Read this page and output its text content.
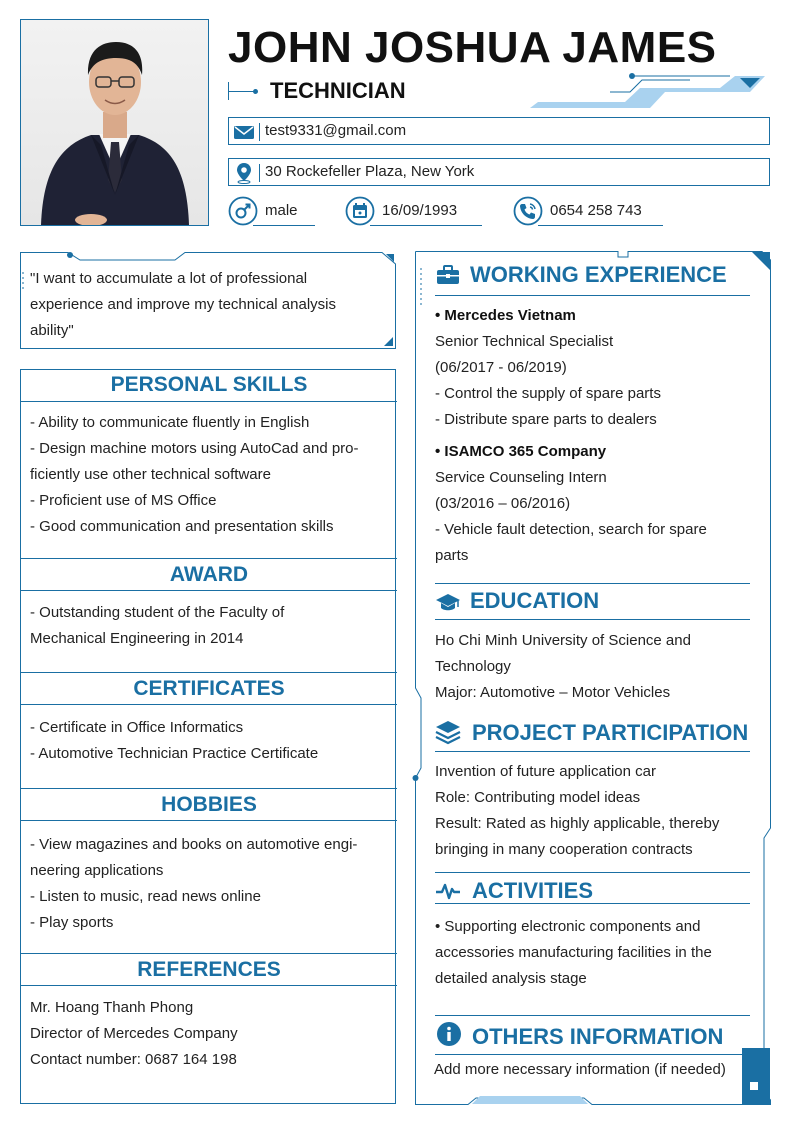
JOHN JOSHUA JAMES
TECHNICIAN
test9331@gmail.com
30 Rockefeller Plaza, New York
male	16/09/1993	0654 258 743
"I want to accumulate a lot of professional
experience and improve my technical analysis
ability"
PERSONAL SKILLS
- Ability to communicate fluently in English
- Design machine motors using AutoCad and pro-
ficiently use other technical software
- Proficient use of MS Office
- Good communication and presentation skills
AWARD
- Outstanding student of the Faculty of
Mechanical Engineering in 2014
CERTIFICATES
- Certificate in Office Informatics
- Automotive Technician Practice Certificate
HOBBIES
- View magazines and books on automotive engi-
neering applications
- Listen to music, read news online
- Play sports
REFERENCES
Mr. Hoang Thanh Phong
Director of Mercedes Company
Contact number: 0687 164 198
WORKING EXPERIENCE
• Mercedes Vietnam
Senior Technical Specialist
(06/2017 - 06/2019)
- Control the supply of spare parts
- Distribute spare parts to dealers
• ISAMCO 365 Company
Service Counseling Intern
(03/2016 – 06/2016)
- Vehicle fault detection, search for spare
parts
EDUCATION
Ho Chi Minh University of Science and
Technology
Major: Automotive – Motor Vehicles
PROJECT PARTICIPATION
Invention of future application car
Role: Contributing model ideas
Result: Rated as highly applicable, thereby
bringing in many cooperation contracts
ACTIVITIES
• Supporting electronic components and
accessories manufacturing facilities in the
detailed analysis stage
OTHERS INFORMATION
Add more necessary information (if needed)
